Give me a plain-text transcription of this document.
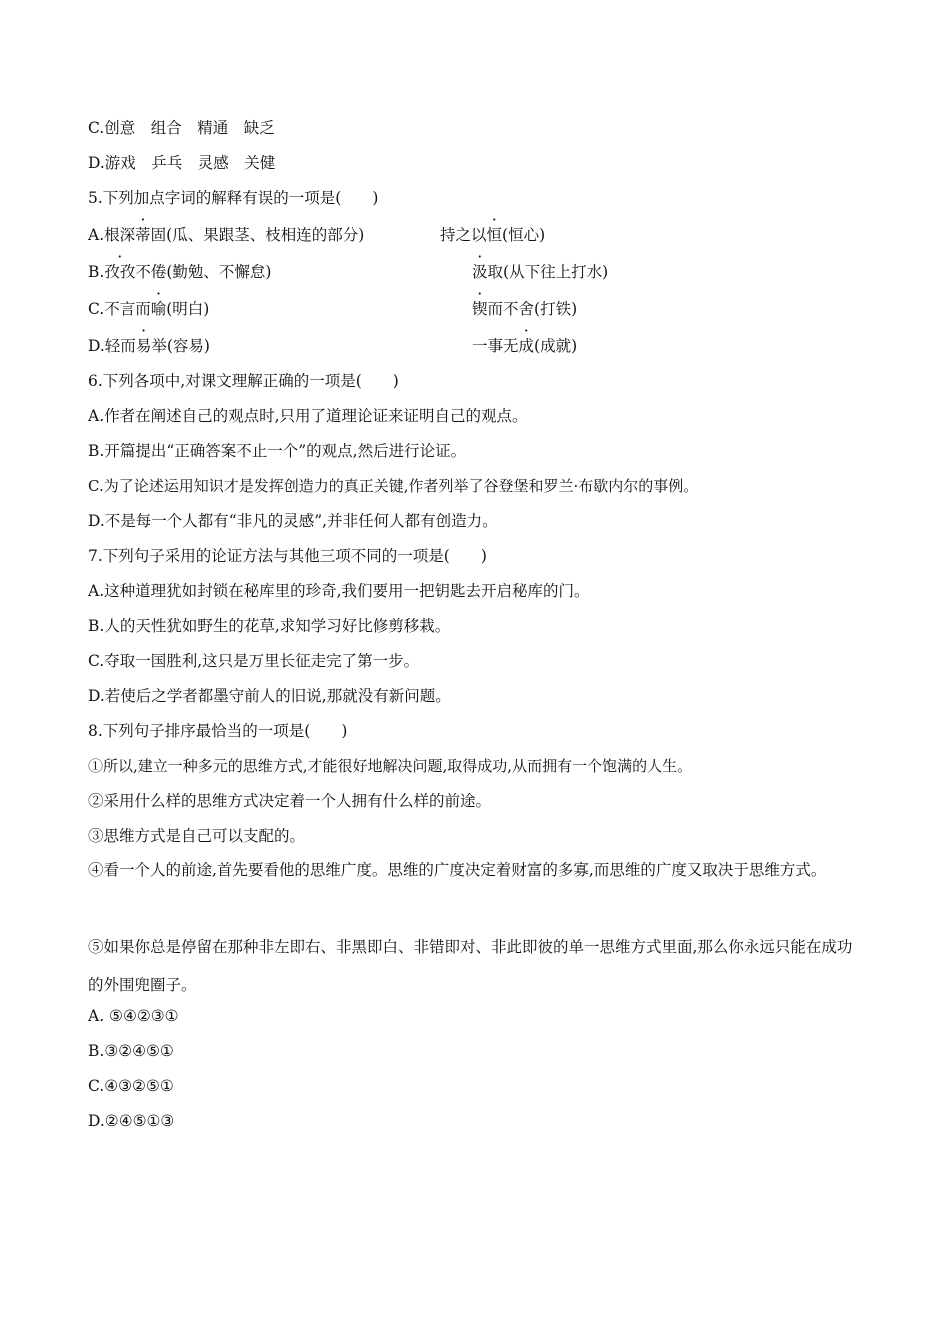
C.创意　组合　精通　缺乏
D.游戏　乒乓　灵感　关健
5.下列加点字词的解释有误的一项是(　　)
A.根深蒂固(瓜、果跟茎、枝相连的部分)	持之以恒(恒心)
B.孜孜不倦(勤勉、不懈怠)	汲取(从下往上打水)
C.不言而喻(明白)	锲而不舍(打铁)
D.轻而易举(容易)	一事无成(成就)
6.下列各项中,对课文理解正确的一项是(　　)
A.作者在阐述自己的观点时,只用了道理论证来证明自己的观点。
B.开篇提出“正确答案不止一个”的观点,然后进行论证。
C.为了论述运用知识才是发挥创造力的真正关键,作者列举了谷登堡和罗兰·布歇内尔的事例。
D.不是每一个人都有“非凡的灵感”,并非任何人都有创造力。
7.下列句子采用的论证方法与其他三项不同的一项是(　　)
A.这种道理犹如封锁在秘库里的珍奇,我们要用一把钥匙去开启秘库的门。
B.人的天性犹如野生的花草,求知学习好比修剪移栽。
C.夺取一国胜利,这只是万里长征走完了第一步。
D.若使后之学者都墨守前人的旧说,那就没有新问题。
8.下列句子排序最恰当的一项是(　　)
①所以,建立一种多元的思维方式,才能很好地解决问题,取得成功,从而拥有一个饱满的人生。
②采用什么样的思维方式决定着一个人拥有什么样的前途。
③思维方式是自己可以支配的。
④看一个人的前途,首先要看他的思维广度。思维的广度决定着财富的多寡,而思维的广度又取决于思维方式。
⑤如果你总是停留在那种非左即右、非黑即白、非错即对、非此即彼的单一思维方式里面,那么你永远只能在成功的外围兜圈子。
A. ⑤④②③①
B.③②④⑤①
C.④③②⑤①
D.②④⑤①③
